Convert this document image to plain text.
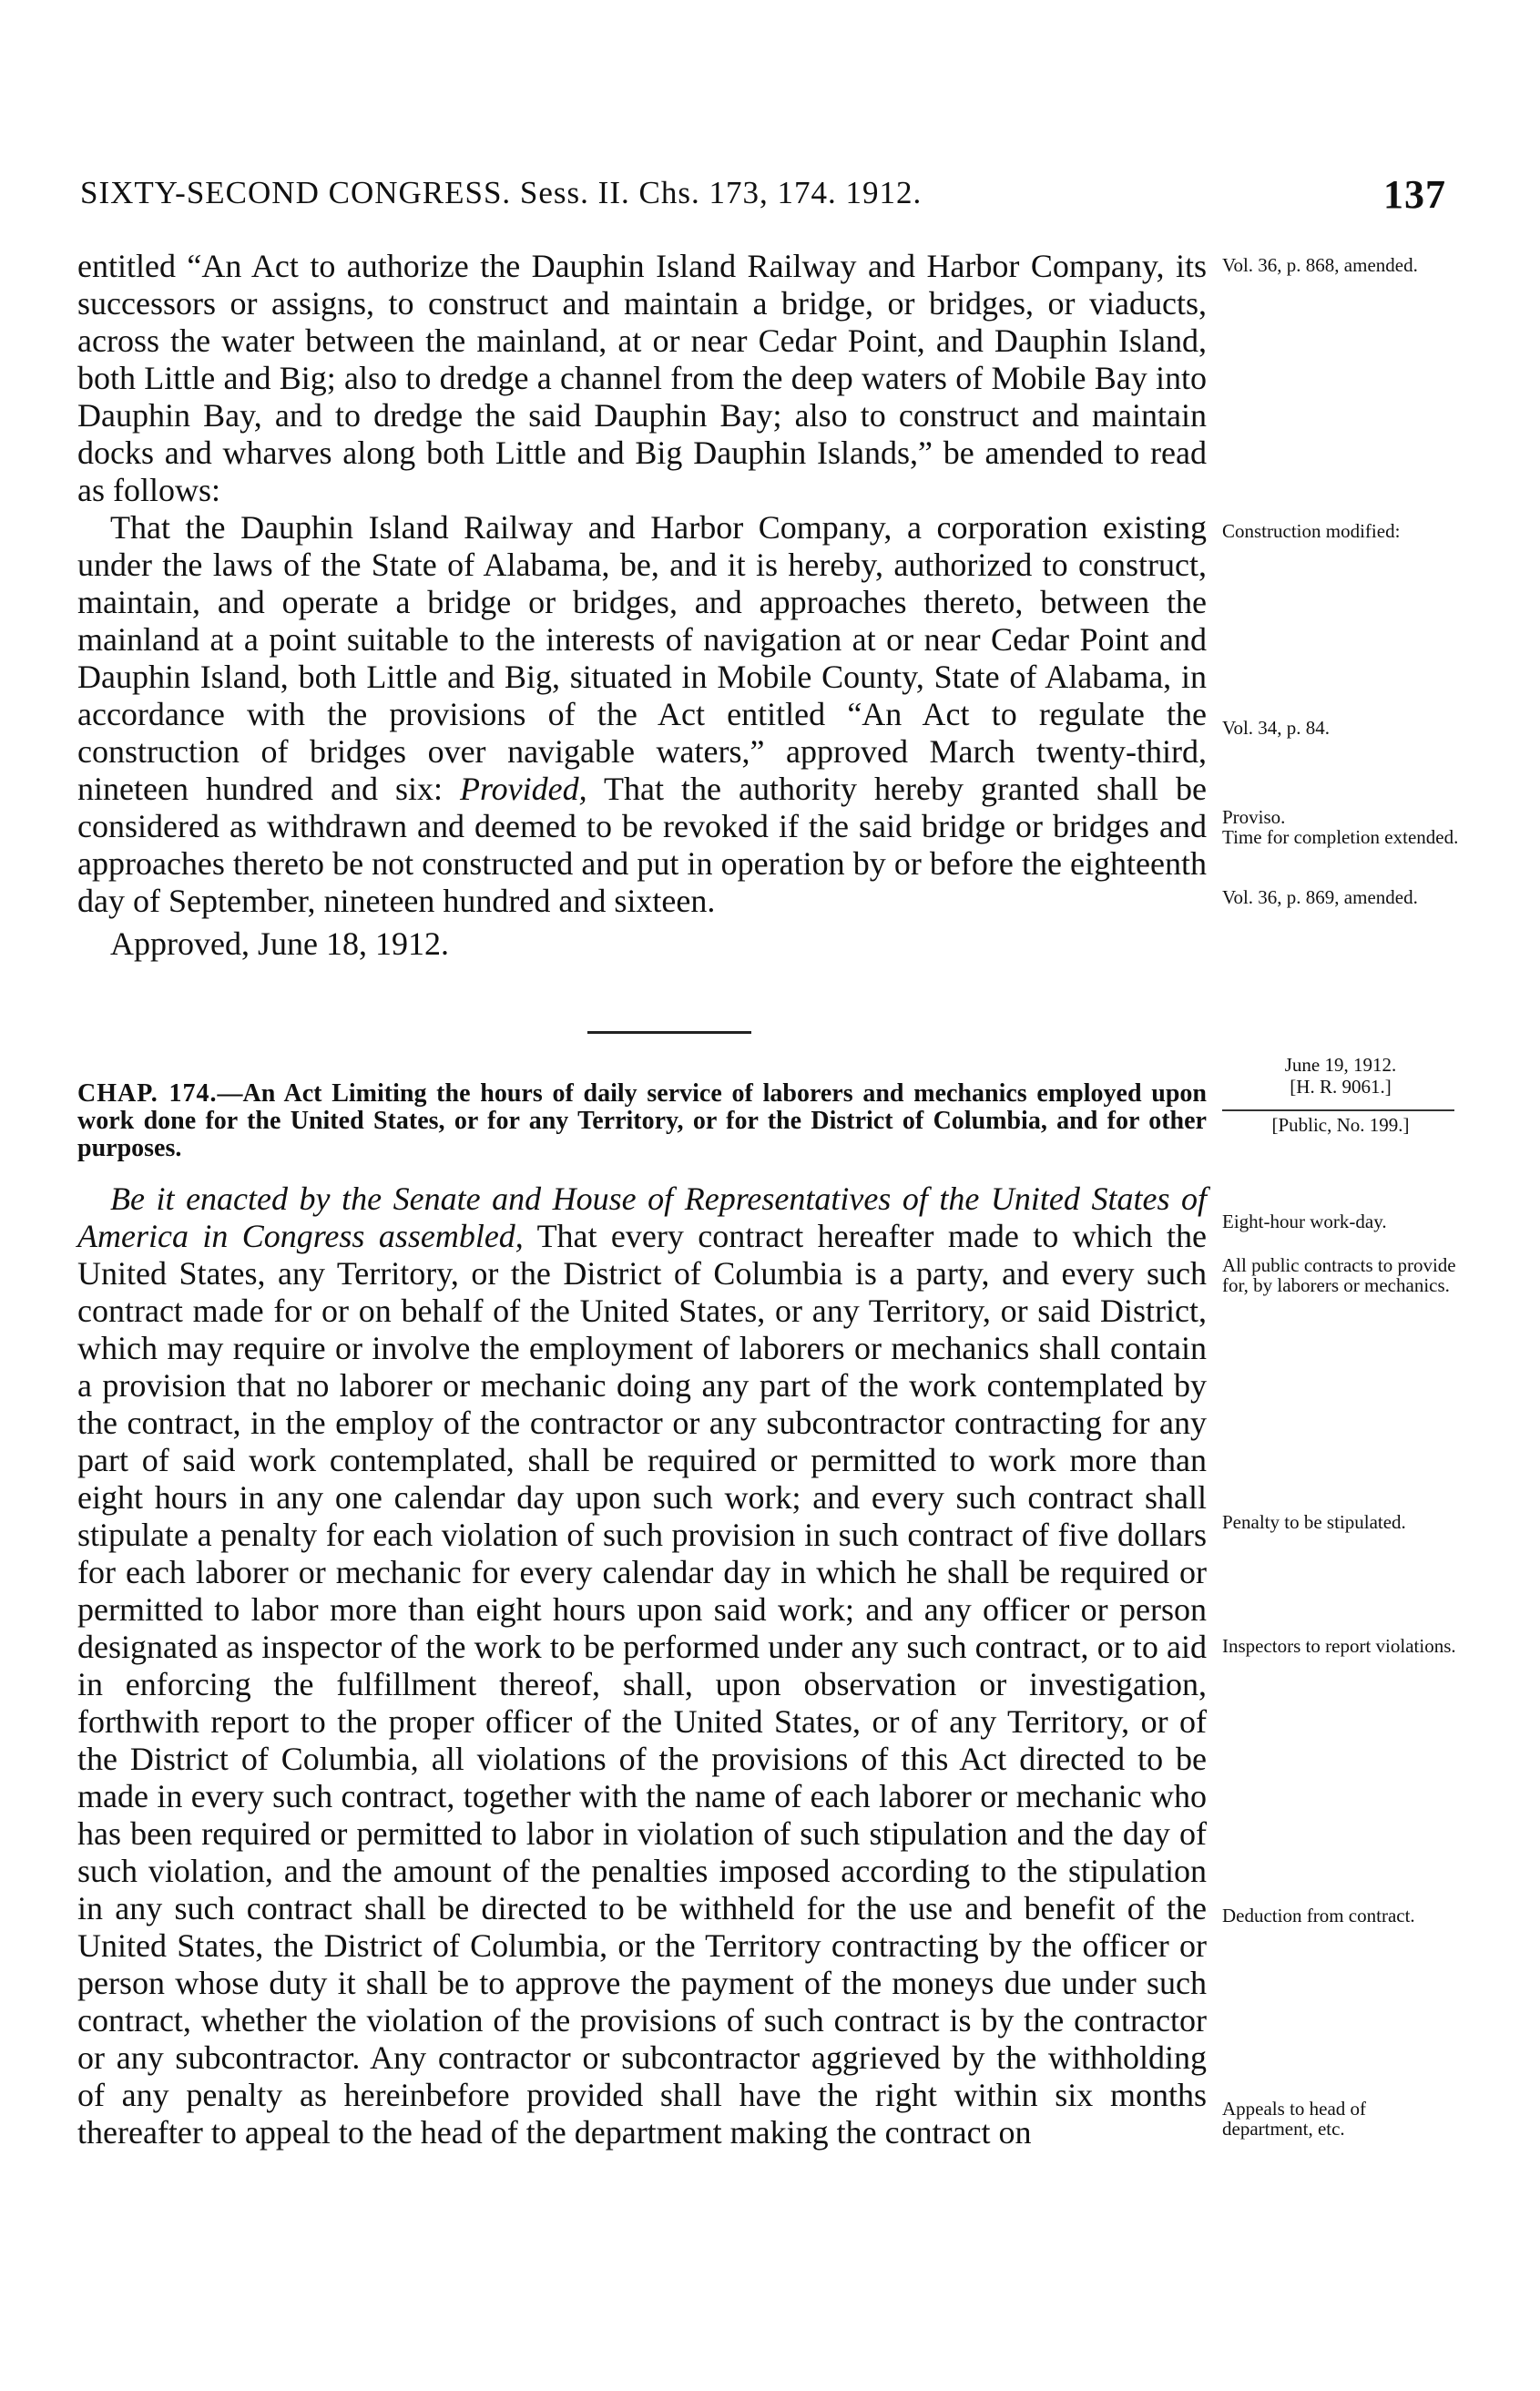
SIXTY-SECOND CONGRESS. Sess. II. Chs. 173, 174. 1912.	137

entitled “An Act to authorize the Dauphin Island Railway and Harbor Company, its successors or assigns, to construct and maintain a bridge, or bridges, or viaducts, across the water between the mainland, at or near Cedar Point, and Dauphin Island, both Little and Big; also to dredge a channel from the deep waters of Mobile Bay into Dauphin Bay, and to dredge the said Dauphin Bay; also to construct and maintain docks and wharves along both Little and Big Dauphin Islands,” be amended to read as follows:

That the Dauphin Island Railway and Harbor Company, a corporation existing under the laws of the State of Alabama, be, and it is hereby, authorized to construct, maintain, and operate a bridge or bridges, and approaches thereto, between the mainland at a point suitable to the interests of navigation at or near Cedar Point and Dauphin Island, both Little and Big, situated in Mobile County, State of Alabama, in accordance with the provisions of the Act entitled “An Act to regulate the construction of bridges over navigable waters,” approved March twenty-third, nineteen hundred and six: Provided, That the authority hereby granted shall be considered as withdrawn and deemed to be revoked if the said bridge or bridges and approaches thereto be not constructed and put in operation by or before the eighteenth day of September, nineteen hundred and sixteen.

Approved, June 18, 1912.

CHAP. 174.—An Act Limiting the hours of daily service of laborers and mechanics employed upon work done for the United States, or for any Territory, or for the District of Columbia, and for other purposes.

Be it enacted by the Senate and House of Representatives of the United States of America in Congress assembled, That every contract hereafter made to which the United States, any Territory, or the District of Columbia is a party, and every such contract made for or on behalf of the United States, or any Territory, or said District, which may require or involve the employment of laborers or mechanics shall contain a provision that no laborer or mechanic doing any part of the work contemplated by the contract, in the employ of the contractor or any subcontractor contracting for any part of said work contemplated, shall be required or permitted to work more than eight hours in any one calendar day upon such work; and every such contract shall stipulate a penalty for each violation of such provision in such contract of five dollars for each laborer or mechanic for every calendar day in which he shall be required or permitted to labor more than eight hours upon said work; and any officer or person designated as inspector of the work to be performed under any such contract, or to aid in enforcing the fulfillment thereof, shall, upon observation or investigation, forthwith report to the proper officer of the United States, or of any Territory, or of the District of Columbia, all violations of the provisions of this Act directed to be made in every such contract, together with the name of each laborer or mechanic who has been required or permitted to labor in violation of such stipulation and the day of such violation, and the amount of the penalties imposed according to the stipulation in any such contract shall be directed to be withheld for the use and benefit of the United States, the District of Columbia, or the Territory contracting by the officer or person whose duty it shall be to approve the payment of the moneys due under such contract, whether the violation of the provisions of such contract is by the contractor or any subcontractor. Any contractor or subcontractor aggrieved by the withholding of any penalty as hereinbefore provided shall have the right within six months thereafter to appeal to the head of the department making the contract on

Vol. 36, p. 868, amended.
Construction modified:
Vol. 34, p. 84.
Proviso.
Time for completion extended.
Vol. 36, p. 869, amended.
June 19, 1912.
[H. R. 9061.]
[Public, No. 199.]
Eight-hour work-day.
All public contracts to provide for, by laborers or mechanics.
Penalty to be stipulated.
Inspectors to report violations.
Deduction from contract.
Appeals to head of department, etc.
